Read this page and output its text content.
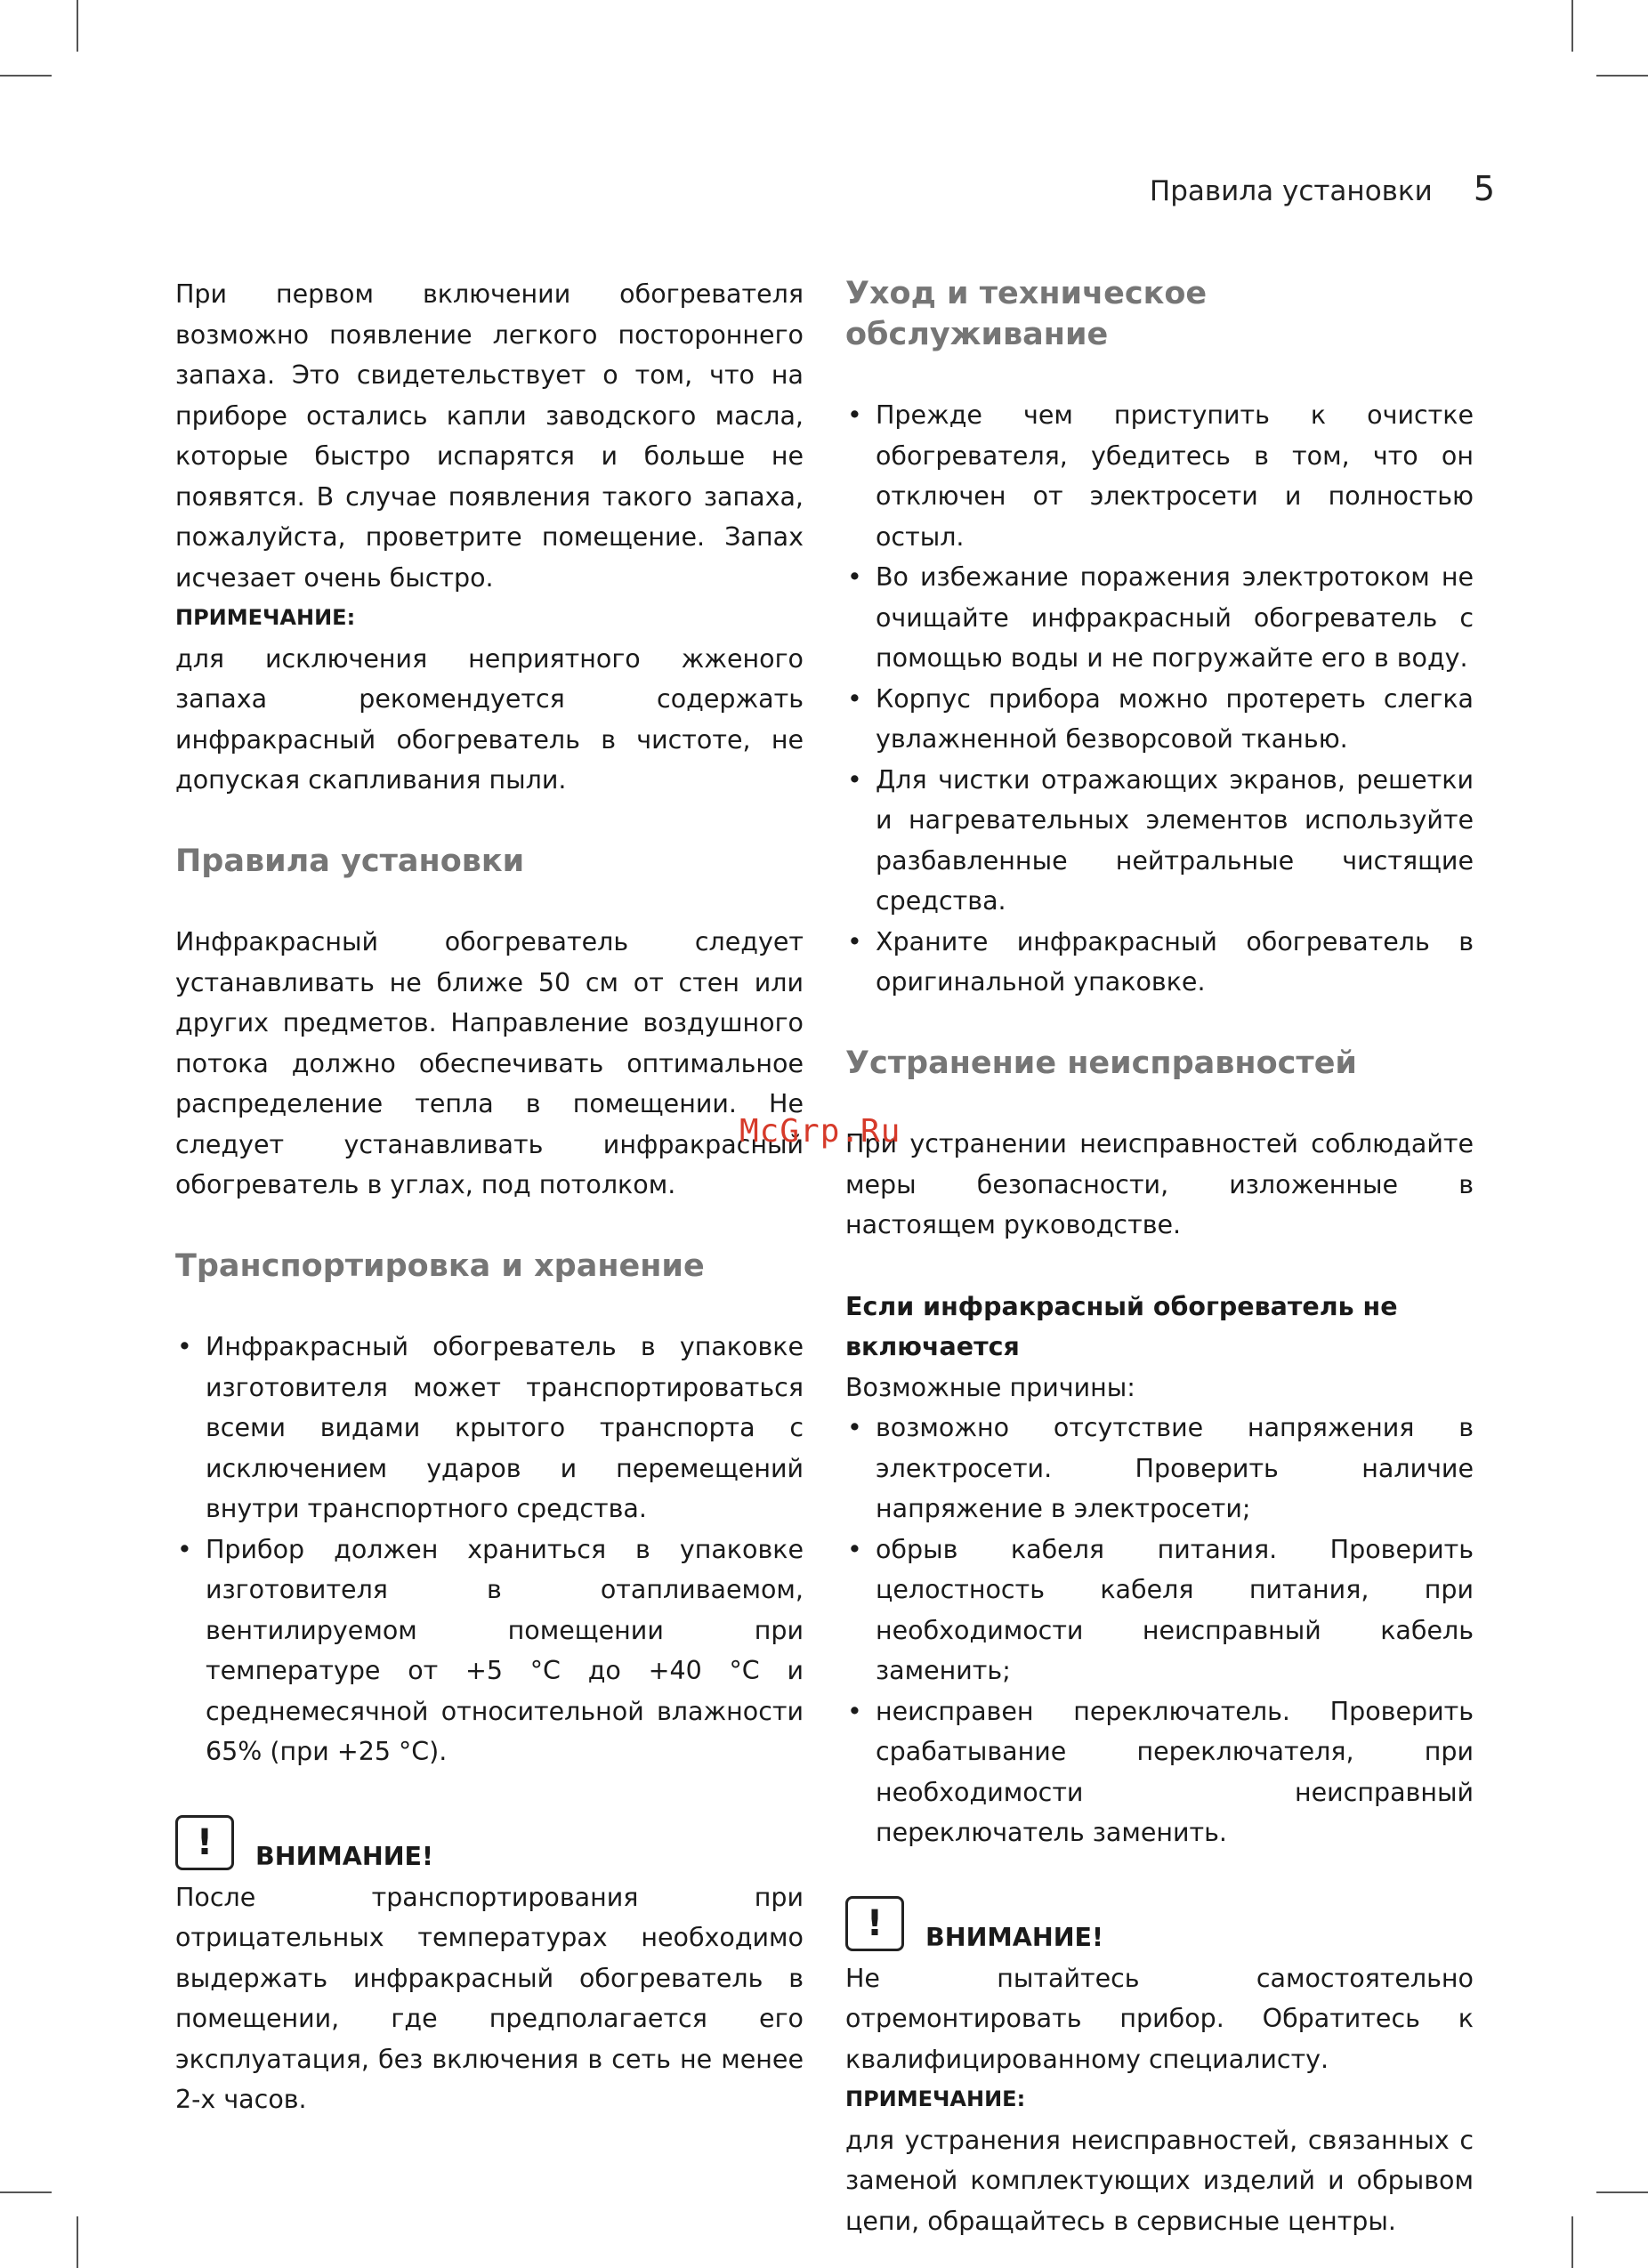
Правила установки 5

При первом включении обогревателя возможно появление легкого постороннего запаха. Это свидетельствует о том, что на приборе остались капли заводского масла, которые быстро испарятся и больше не появятся. В случае появления такого запаха, пожалуйста, проветрите помещение. Запах исчезает очень быстро.

ПРИМЕЧАНИЕ:

для исключения неприятного жженого запаха рекомендуется содержать инфракрасный обогреватель в чистоте, не допуская скапливания пыли.

Правила установки

Инфракрасный обогреватель следует устанавливать не ближе 50 см от стен или других предметов. Направление воздушного потока должно обеспечивать оптимальное распределение тепла в помещении. Не следует устанавливать инфракрасный обогреватель в углах, под потолком.

Транспортировка и хранение
• Инфракрасный обогреватель в упаковке изготовителя может транспортироваться всеми видами крытого транспорта с исключением ударов и перемещений внутри транспортного средства.
• Прибор должен храниться в упаковке изготовителя в отапливаемом, вентилируемом помещении при температуре от +5 °C до +40 °C и среднемесячной относительной влажности 65% (при +25 °C).
!	ВНИМАНИЕ!

После транспортирования при отрицательных температурах необходимо выдержать инфракрасный обогреватель в помещении, где предполагается его эксплуатация, без включения в сеть не менее 2-х часов.

Уход и техническое обслуживание
• Прежде чем приступить к очистке обогревателя, убедитесь в том, что он отключен от электросети и полностью остыл.
• Во избежание поражения электротоком не очищайте инфракрасный обогреватель с помощью воды и не погружайте его в воду.
• Корпус прибора можно протереть слегка увлажненной безворсовой тканью.
• Для чистки отражающих экранов, решетки и нагревательных элементов используйте разбавленные нейтральные чистящие средства.
• Храните инфракрасный обогреватель в оригинальной упаковке.
Устранение неисправностей

При устранении неисправностей соблюдайте меры безопасности, изложенные в настоящем руководстве.

Если инфракрасный обогреватель не
включается

Возможные причины:

• возможно отсутствие напряжения в электросети. Проверить наличие напряжение в электросети;
• обрыв кабеля питания. Проверить целостность кабеля питания, при необходимости неисправный кабель заменить;
• неисправен переключатель. Проверить срабатывание переключателя, при необходимости неисправный переключатель заменить.
!	ВНИМАНИЕ!

Не пытайтесь самостоятельно отремонтировать прибор. Обратитесь к квалифицированному специалисту.

ПРИМЕЧАНИЕ:

для устранения неисправностей, связанных с заменой комплектующих изделий и обрывом цепи, обращайтесь в сервисные центры.

McGrp.Ru
